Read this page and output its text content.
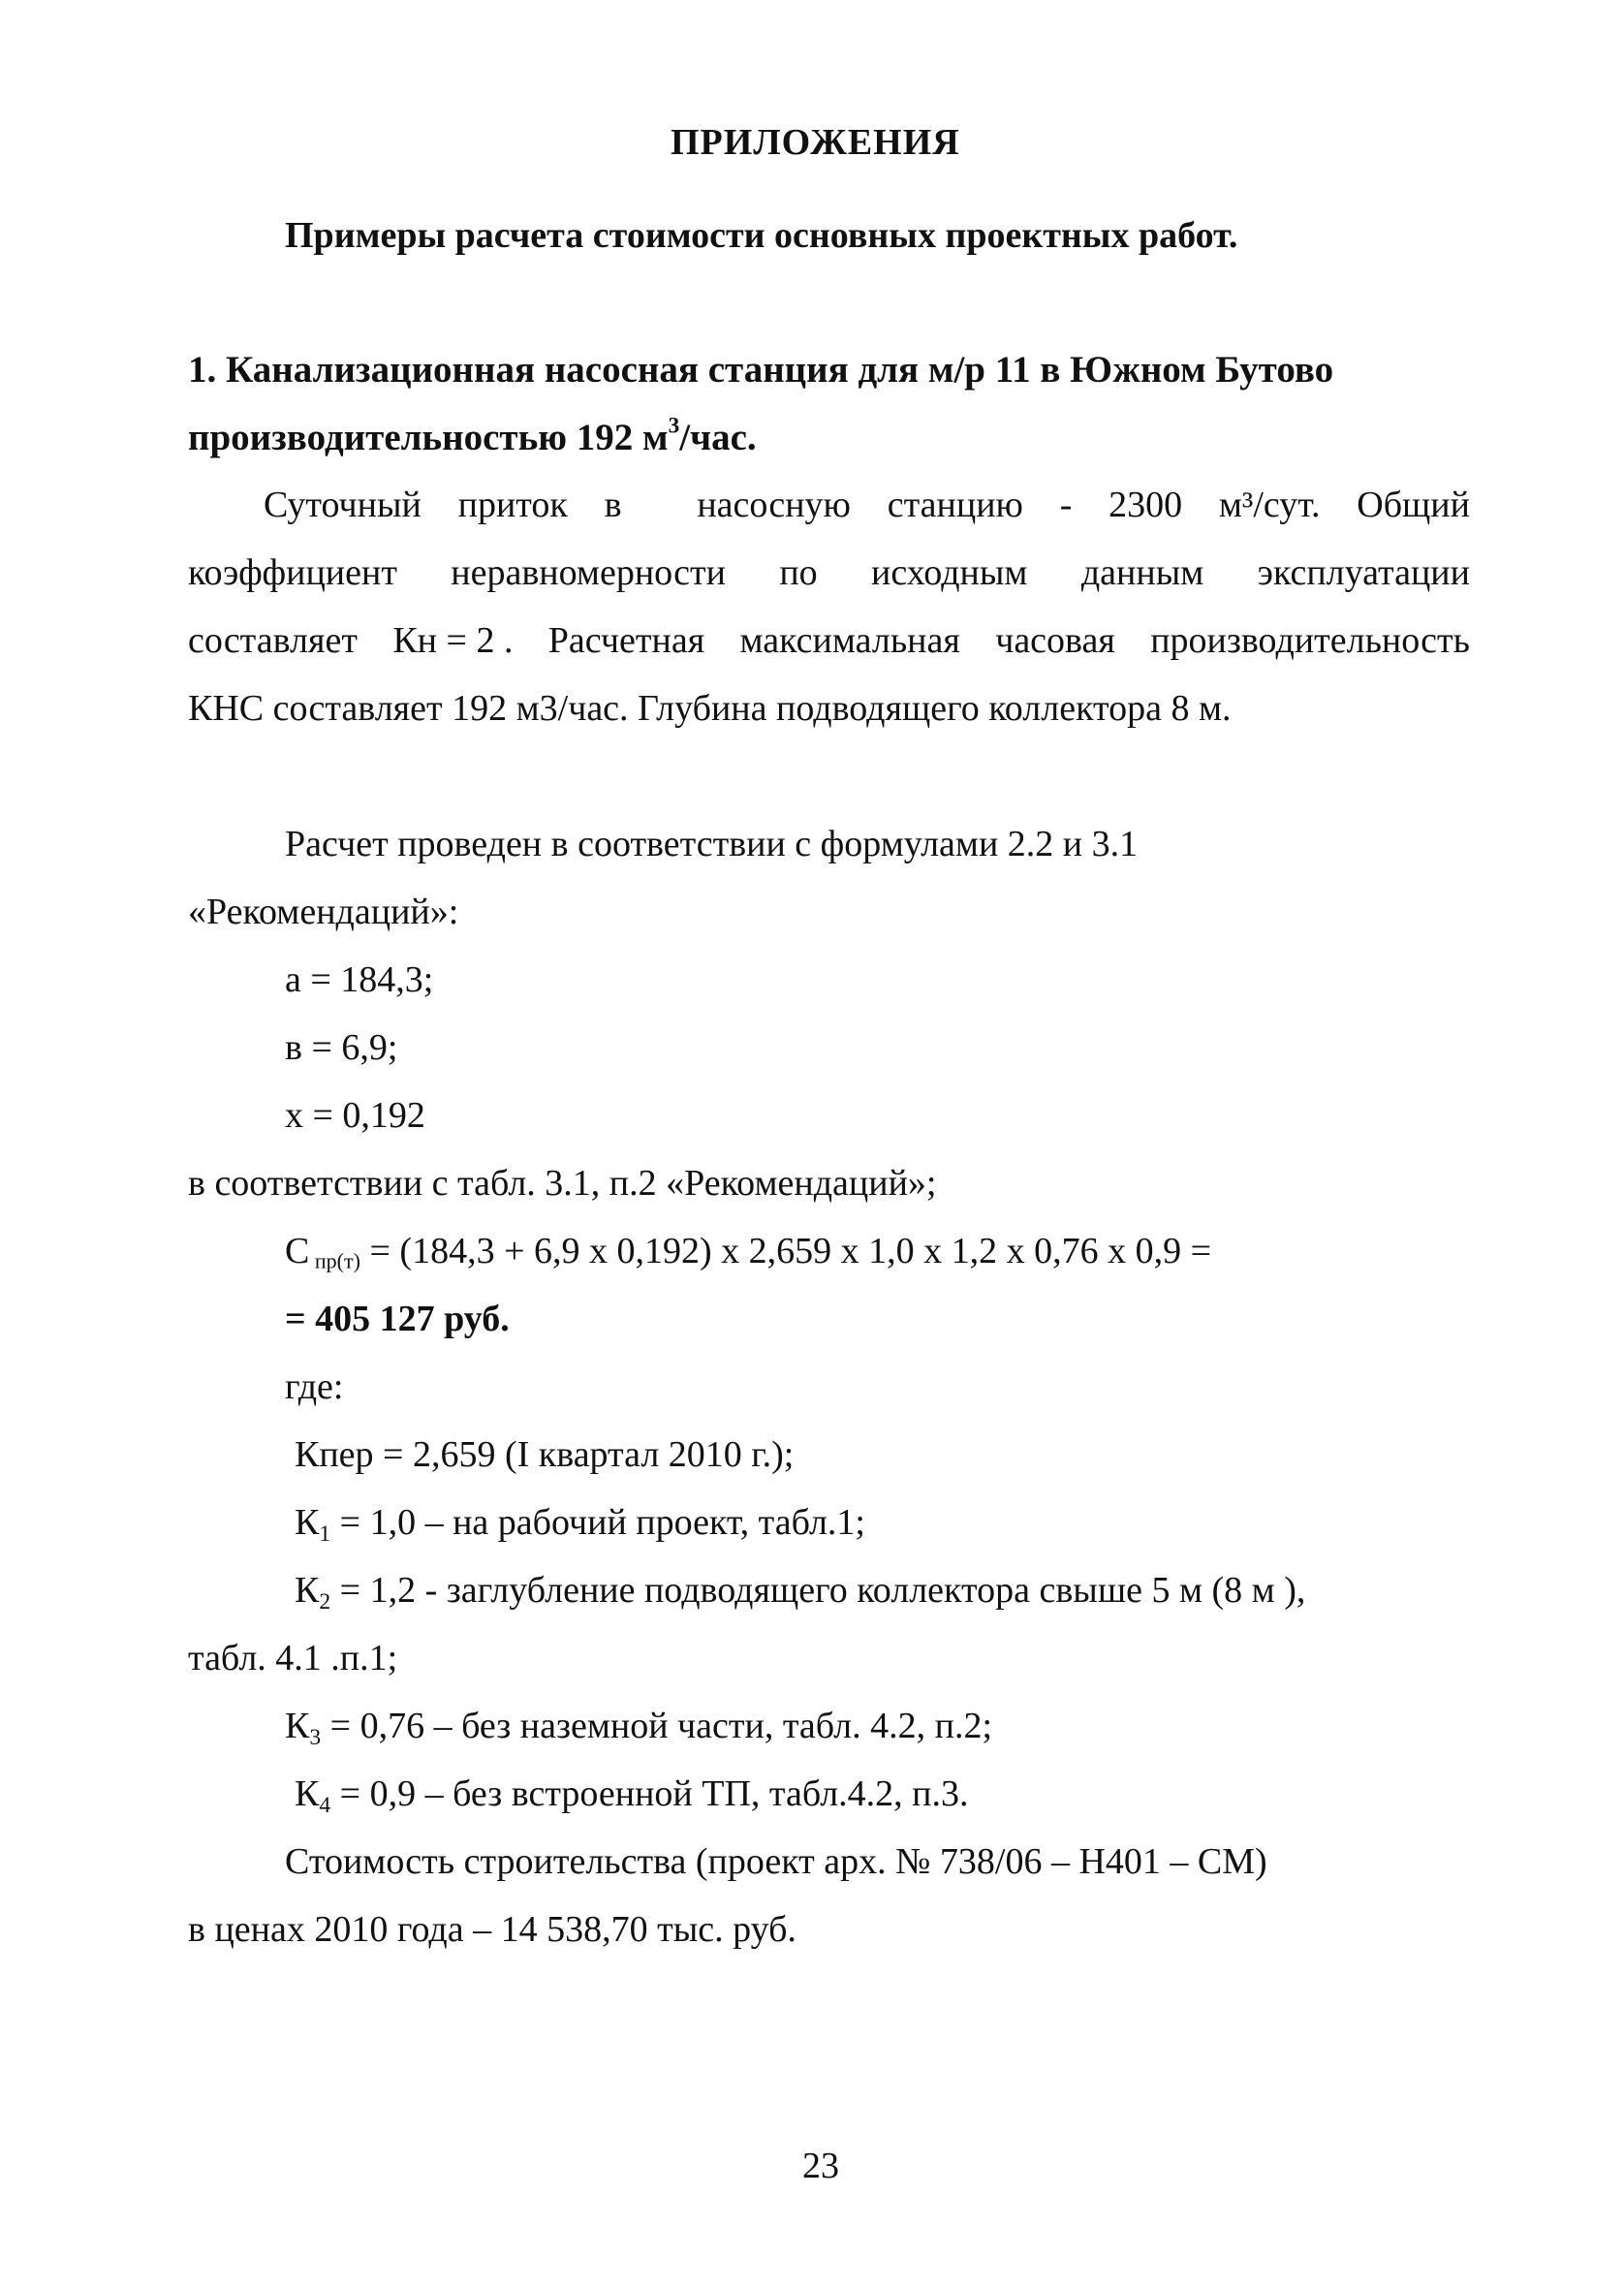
ПРИЛОЖЕНИЯ
Примеры расчета стоимости основных проектных работ.
1. Канализационная насосная станция для м/р 11 в Южном Бутово
производительностью 192 $м^3$/час.
Суточный приток в насосную станцию - 2300 м³/сут. Общий
коэффициент неравномерности по исходным данным эксплуатации
составляет Кн = 2 . Расчетная максимальная часовая производительность
КНС составляет 192 м3/час. Глубина подводящего коллектора 8 м.
Расчет проведен в соответствии с формулами 2.2 и 3.1
«Рекомендаций»:
а = 184,3;
в = 6,9;
х = 0,192
в соответствии с табл. 3.1, п.2 «Рекомендаций»;
С пр(т) = (184,3 + 6,9 х 0,192) х 2,659 х 1,0 х 1,2 х 0,76 х 0,9 =
= 405 127 руб.
где:
Кпер = 2,659 (I квартал 2010 г.);
$К_1 = 1,0$ – на рабочий проект, табл.1;
$К_2 = 1,2$ - заглубление подводящего коллектора свыше 5 м (8 м ),
табл. 4.1 .п.1;
$К_3 = 0,76$ – без наземной части, табл. 4.2, п.2;
$К_4 = 0,9$ – без встроенной ТП, табл.4.2, п.3.
Стоимость строительства (проект арх. № 738/06 – Н401 – СМ)
в ценах 2010 года – 14 538,70 тыс. руб.
23
